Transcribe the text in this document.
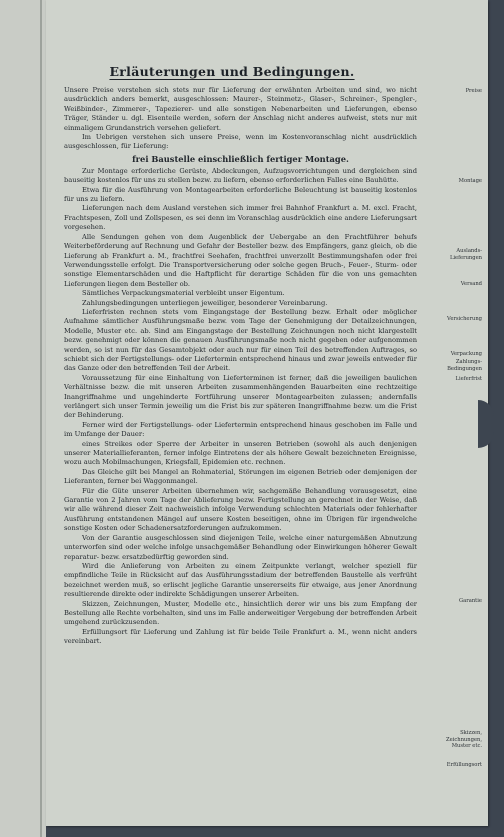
Erläuterungen und Bedingungen.

Unsere Preise verstehen sich stets nur für Lieferung der erwähnten Arbeiten und sind, wo nicht ausdrücklich anders bemerkt, ausgeschlossen: Maurer-, Steinmetz-, Glaser-, Schreiner-, Spengler-, Weißbinder-, Zimmerer-, Tapezierer- und alle sonstigen Nebenarbeiten und Lieferungen, ebenso Träger, Ständer u. dgl. Eisenteile werden, sofern der Anschlag nicht anderes aufweist, stets nur mit einmaligem Grundanstrich versehen geliefert.

Im Uebrigen verstehen sich unsere Preise, wenn im Kostenvoranschlag nicht ausdrücklich ausgeschlossen, für Lieferung:

frei Baustelle einschließlich fertiger Montage.

Zur Montage erforderliche Gerüste, Abdeckungen, Aufzugsvorrichtungen und dergleichen sind bauseitig kostenlos für uns zu stellen bezw. zu liefern, ebenso erforderlichen Falles eine Bauhütte.

Etwa für die Ausführung von Montagearbeiten erforderliche Beleuchtung ist bauseitig kostenlos für uns zu liefern.

Lieferungen nach dem Ausland verstehen sich immer frei Bahnhof Frankfurt a. M. excl. Fracht, Frachtspesen, Zoll und Zollspesen, es sei denn im Voranschlag ausdrücklich eine andere Lieferungsart vorgesehen.

Alle Sendungen gehen von dem Augenblick der Uebergabe an den Frachtführer behufs Weiterbeförderung auf Rechnung und Gefahr der Besteller bezw. des Empfängers, ganz gleich, ob die Lieferung ab Frankfurt a. M., frachtfrei Seehafen, frachtfrei unverzollt Bestimmungshafen oder frei Verwendungsstelle erfolgt. Die Transportversicherung oder solche gegen Bruch-, Feuer-, Sturm- oder sonstige Elementarschäden und die Haftpflicht für derartige Schäden für die von uns gemachten Lieferungen liegen dem Besteller ob.

Sämtliches Verpackungsmaterial verbleibt unser Eigentum.

Zahlungsbedingungen unterliegen jeweiliger, besonderer Vereinbarung.

Lieferfristen rechnen stets vom Eingangstage der Bestellung bezw. Erhalt oder möglicher Aufnahme sämtlicher Ausführungsmaße bezw. vom Tage der Genehmigung der Detailzeichnungen, Modelle, Muster etc. ab. Sind am Eingangstage der Bestellung Zeichnungen noch nicht klargestellt bezw. genehmigt oder können die genauen Ausführungsmaße noch nicht gegeben oder aufgenommen werden, so ist nun für das Gesamtobjekt oder auch nur für einen Teil des betreffenden Auftrages, so schiebt sich der Fertigstellungs- oder Liefertermin entsprechend hinaus und zwar jeweils entweder für das Ganze oder den betreffenden Teil der Arbeit.

Voraussetzung für eine Einhaltung von Lieferterminen ist ferner, daß die jeweiligen baulichen Verhältnisse bezw. die mit unseren Arbeiten zusammenhängenden Bauarbeiten eine rechtzeitige Inangriffnahme und ungehinderte Fortführung unserer Montagearbeiten zulassen; andernfalls verlängert sich unser Termin jeweilig um die Frist bis zur späteren Inangriffnahme bezw. um die Frist der Behinderung.

Ferner wird der Fertigstellungs- oder Liefertermin entsprechend hinaus geschoben im Falle und im Umfange der Dauer:

eines Streikes oder Sperre der Arbeiter in unseren Betrieben (sowohl als auch denjenigen unserer Materiallieferanten, ferner infolge Eintretens der als höhere Gewalt bezeichneten Ereignisse, wozu auch Mobilmachungen, Kriegsfall, Epidemien etc. rechnen.

Das Gleiche gilt bei Mangel an Rohmaterial, Störungen im eigenen Betrieb oder demjenigen der Lieferanten, ferner bei Waggonmangel.

Für die Güte unserer Arbeiten übernehmen wir, sachgemäße Behandlung vorausgesetzt, eine Garantie von 2 Jahren vom Tage der Ablieferung bezw. Fertigstellung an gerechnet in der Weise, daß wir alle während dieser Zeit nachweislich infolge Verwendung schlechten Materials oder fehlerhafter Ausführung entstandenen Mängel auf unsere Kosten beseitigen, ohne im Übrigen für irgendwelche sonstige Kosten oder Schadenersatzforderungen aufzukommen.

Von der Garantie ausgeschlossen sind diejenigen Teile, welche einer naturgemäßen Abnutzung unterworfen sind oder welche infolge unsachgemäßer Behandlung oder Einwirkungen höherer Gewalt reparatur- bezw. ersatzbedürftig geworden sind.

Wird die Anlieferung von Arbeiten zu einem Zeitpunkte verlangt, welcher speziell für empfindliche Teile in Rücksicht auf das Ausführungsstadium der betreffenden Baustelle als verfrüht bezeichnet werden muß, so erlischt jegliche Garantie unsererseits für etwaige, aus jener Anordnung resultierende direkte oder indirekte Schädigungen unserer Arbeiten.

Skizzen, Zeichnungen, Muster, Modelle etc., hinsichtlich derer wir uns bis zum Empfang der Bestellung alle Rechte vorbehalten, sind uns im Falle anderweitiger Vergebung der betreffenden Arbeit umgehend zurückzusenden.

Erfüllungsort für Lieferung und Zahlung ist für beide Teile Frankfurt a. M., wenn nicht anders vereinbart.

Preise
Montage
Auslands-Lieferungen
Versand
Versicherung
Verpackung
Zahlungs-Bedingungen
Lieferfrist
Garantie
Skizzen, Zeichnungen, Muster etc.
Erfüllungsort
